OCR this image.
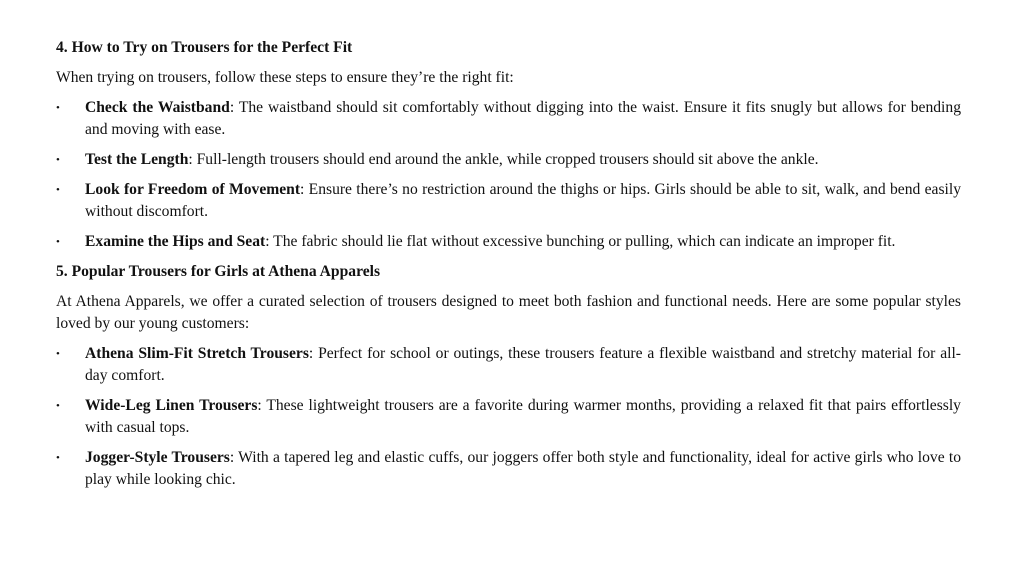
4. How to Try on Trousers for the Perfect Fit
When trying on trousers, follow these steps to ensure they’re the right fit:
• Check the Waistband: The waistband should sit comfortably without digging into the waist. Ensure it fits snugly but allows for bending and moving with ease.
• Test the Length: Full-length trousers should end around the ankle, while cropped trousers should sit above the ankle.
• Look for Freedom of Movement: Ensure there’s no restriction around the thighs or hips. Girls should be able to sit, walk, and bend easily without discomfort.
• Examine the Hips and Seat: The fabric should lie flat without excessive bunching or pulling, which can indicate an improper fit.
5. Popular Trousers for Girls at Athena Apparels
At Athena Apparels, we offer a curated selection of trousers designed to meet both fashion and functional needs. Here are some popular styles loved by our young customers:
• Athena Slim-Fit Stretch Trousers: Perfect for school or outings, these trousers feature a flexible waistband and stretchy material for all-day comfort.
• Wide-Leg Linen Trousers: These lightweight trousers are a favorite during warmer months, providing a relaxed fit that pairs effortlessly with casual tops.
• Jogger-Style Trousers: With a tapered leg and elastic cuffs, our joggers offer both style and functionality, ideal for active girls who love to play while looking chic.
